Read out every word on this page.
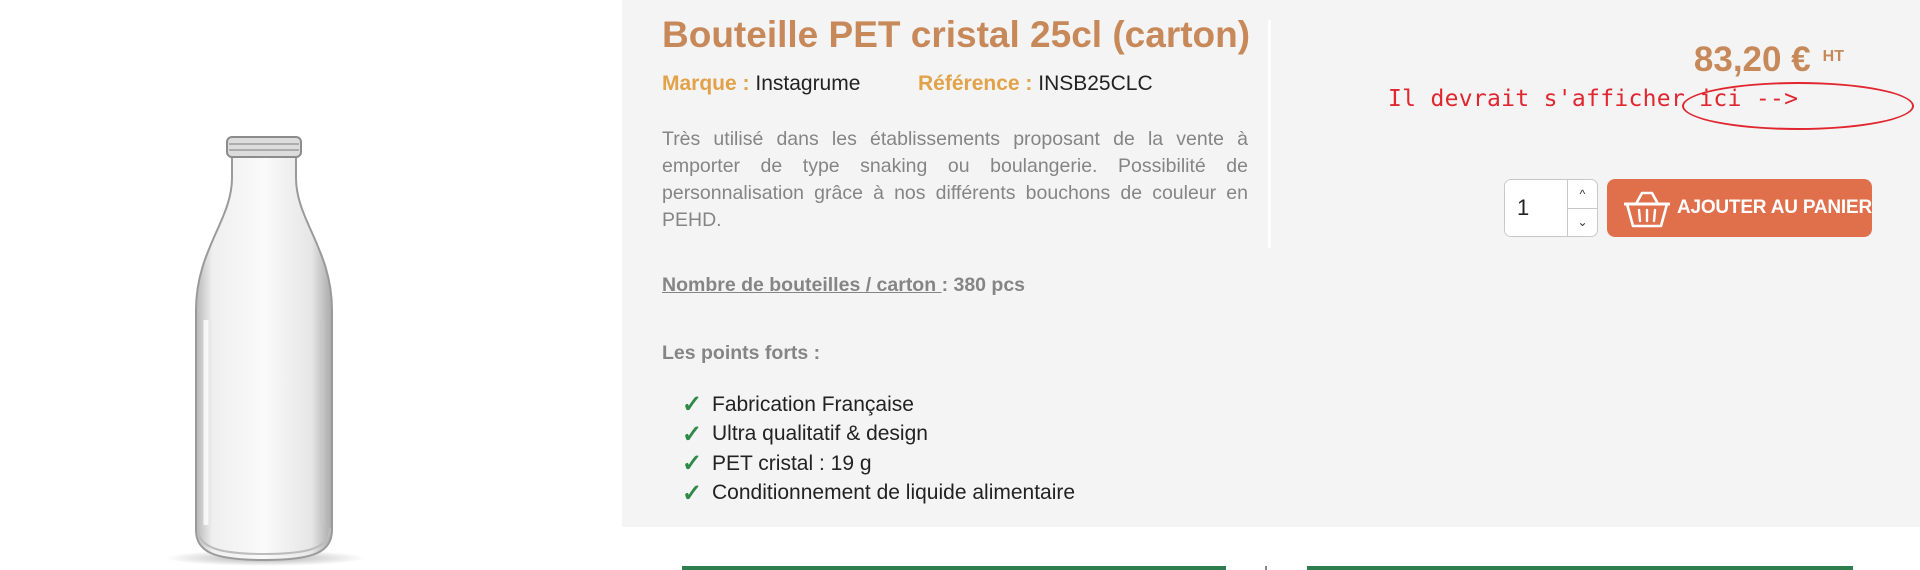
Bouteille PET cristal 25cl (carton)
Marque : Instagrume	Référence : INSB25CLC

Très utilisé dans les établissements proposant de la vente à emporter de type snaking ou boulangerie. Possibilité de personnalisation grâce à nos différents bouchons de couleur en PEHD.

Nombre de bouteilles / carton : 380 pcs
Les points forts :
✓ Fabrication Française
✓ Ultra qualitatif & design
✓ PET cristal : 19 g
✓ Conditionnement de liquide alimentaire
83,20 € HT
Il devrait s'afficher ici -->
1
^
⌄
AJOUTER AU PANIER
